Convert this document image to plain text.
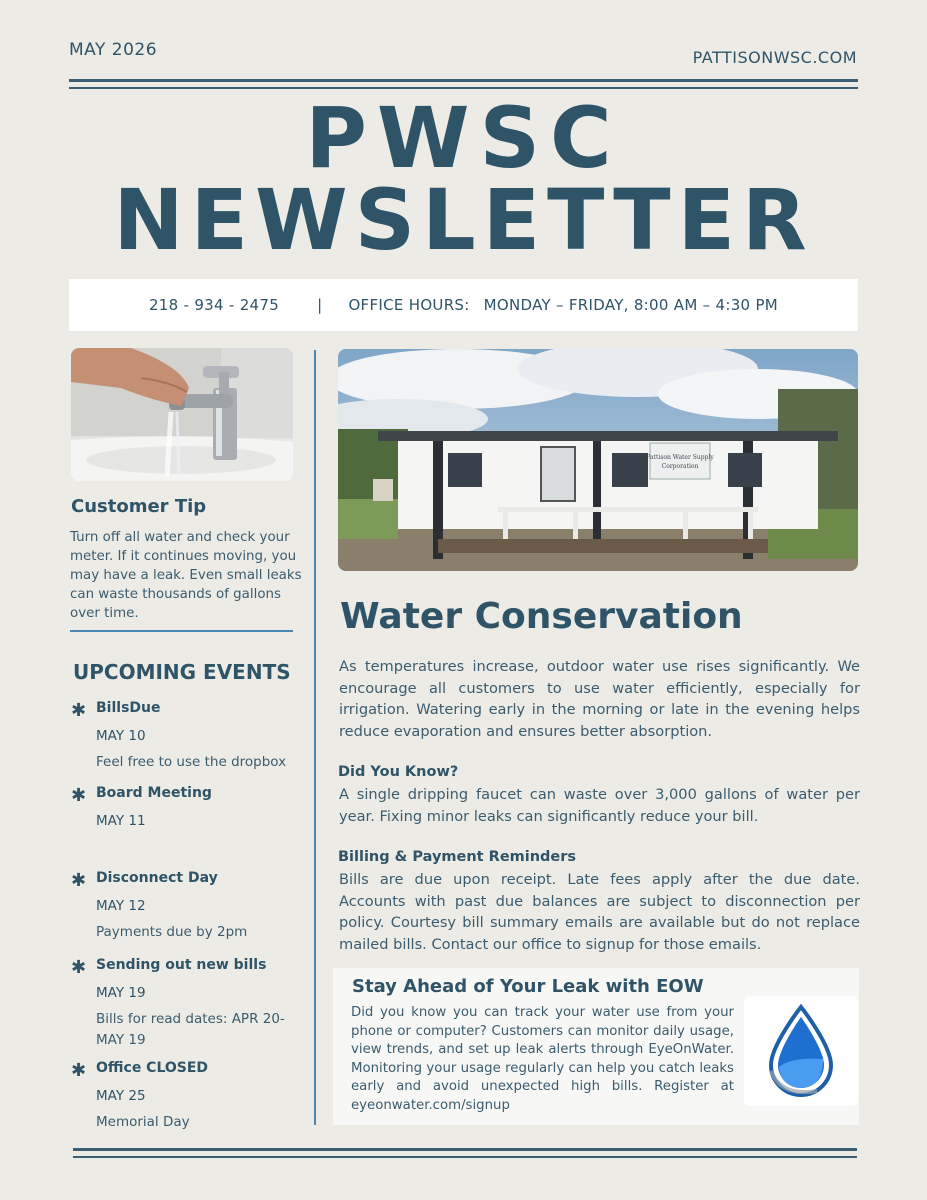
MAY 2026	PATTISONWSC.COM
PWSC
NEWSLETTER
218 - 934 - 2475	| OFFICE HOURS: MONDAY – FRIDAY, 8:00 AM – 4:30 PM
Pattison Water Supply
Corporation
Customer Tip
Turn off all water and check your meter. If it continues moving, you may have a leak. Even small leaks can waste thousands of gallons over time.
UPCOMING EVENTS
✱ BillsDue
MAY 10
Feel free to use the dropbox
✱ Board Meeting
MAY 11
✱ Disconnect Day
MAY 12
Payments due by 2pm
✱ Sending out new bills
MAY 19
Bills for read dates: APR 20-MAY 19
✱ Office CLOSED
MAY 25
Memorial Day
Water Conservation
As temperatures increase, outdoor water use rises significantly. We encourage all customers to use water efficiently, especially for irrigation. Watering early in the morning or late in the evening helps reduce evaporation and ensures better absorption.
Did You Know?
A single dripping faucet can waste over 3,000 gallons of water per year. Fixing minor leaks can significantly reduce your bill.
Billing & Payment Reminders
Bills are due upon receipt. Late fees apply after the due date. Accounts with past due balances are subject to disconnection per policy. Courtesy bill summary emails are available but do not replace mailed bills. Contact our office to signup for those emails.
Stay Ahead of Your Leak with EOW
Did you know you can track your water use from your phone or computer? Customers can monitor daily usage, view trends, and set up leak alerts through EyeOnWater. Monitoring your usage regularly can help you catch leaks early and avoid unexpected high bills. Register at eyeonwater.com/signup
